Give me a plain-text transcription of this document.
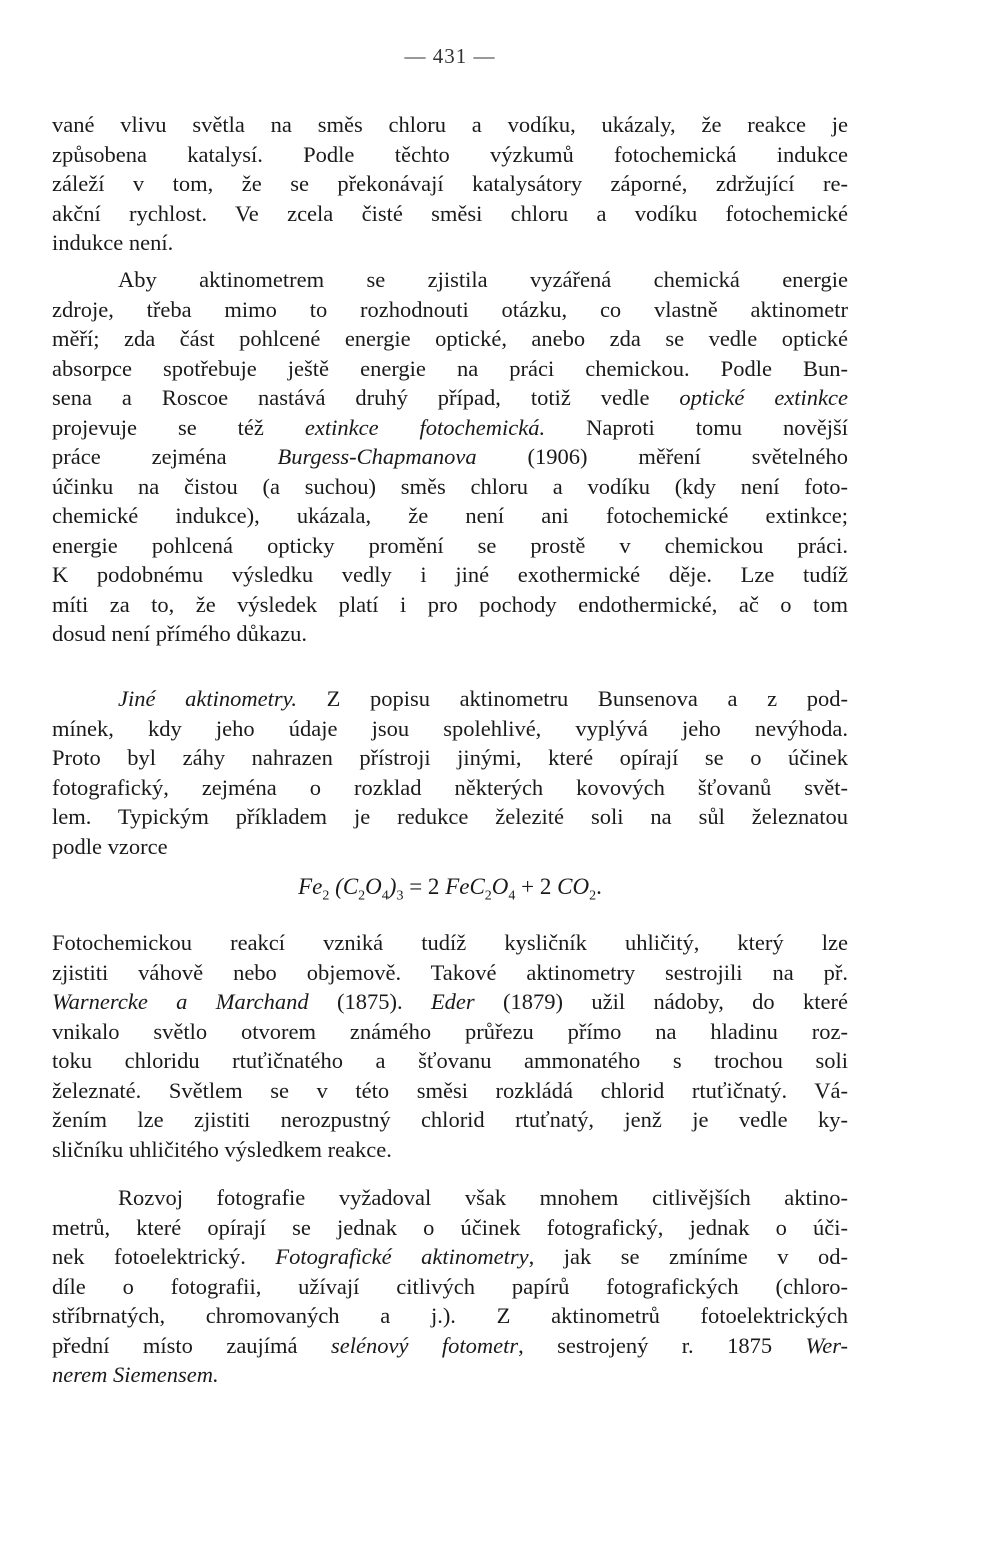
— 431 —
vané vlivu světla na směs chloru a vodíku, ukázaly, že reakce je
způsobena katalysí. Podle těchto výzkumů fotochemická indukce
záleží v tom, že se překonávají katalysátory záporné, zdržující re-
akční rychlost. Ve zcela čisté směsi chloru a vodíku fotochemické
indukce není.
Aby aktinometrem se zjistila vyzářená chemická energie
zdroje, třeba mimo to rozhodnouti otázku, co vlastně aktinometr
měří; zda část pohlcené energie optické, anebo zda se vedle optické
absorpce spotřebuje ještě energie na práci chemickou. Podle Bun-
sena a Roscoe nastává druhý případ, totiž vedle optické extinkce
projevuje se též extinkce fotochemická. Naproti tomu novější
práce zejména Burgess-Chapmanova (1906) měření světelného
účinku na čistou (a suchou) směs chloru a vodíku (kdy není foto-
chemické indukce), ukázala, že není ani fotochemické extinkce;
energie pohlcená opticky promění se prostě v chemickou práci.
K podobnému výsledku vedly i jiné exothermické děje. Lze tudíž
míti za to, že výsledek platí i pro pochody endothermické, ač o tom
dosud není přímého důkazu.
Jiné aktinometry. Z popisu aktinometru Bunsenova a z pod-
mínek, kdy jeho údaje jsou spolehlivé, vyplývá jeho nevýhoda.
Proto byl záhy nahrazen přístroji jinými, které opírají se o účinek
fotografický, zejména o rozklad některých kovových šťovanů svět-
lem. Typickým příkladem je redukce železité soli na sůl železnatou
podle vzorce
$Fe_2$ $(C_2O_4)_3 = 2$ $FeC_2O_4 + 2$ $CO_2$.
Fotochemickou reakcí vzniká tudíž kysličník uhličitý, který lze
zjistiti váhově nebo objemově. Takové aktinometry sestrojili na př.
Warnercke a Marchand (1875). Eder (1879) užil nádoby, do které
vnikalo světlo otvorem známého průřezu přímo na hladinu roz-
toku chloridu rtuťičnatého a šťovanu ammonatého s trochou soli
železnaté. Světlem se v této směsi rozkládá chlorid rtuťičnatý. Vá-
žením lze zjistiti nerozpustný chlorid rtuťnatý, jenž je vedle ky-
sličníku uhličitého výsledkem reakce.
Rozvoj fotografie vyžadoval však mnohem citlivějších aktino-
metrů, které opírají se jednak o účinek fotografický, jednak o úči-
nek fotoelektrický. Fotografické aktinometry, jak se zmíníme v od-
díle o fotografii, užívají citlivých papírů fotografických (chloro-
stříbrnatých, chromovaných a j.). Z aktinometrů fotoelektrických
přední místo zaujímá selénový fotometr, sestrojený r. 1875 Wer-
nerem Siemensem.
